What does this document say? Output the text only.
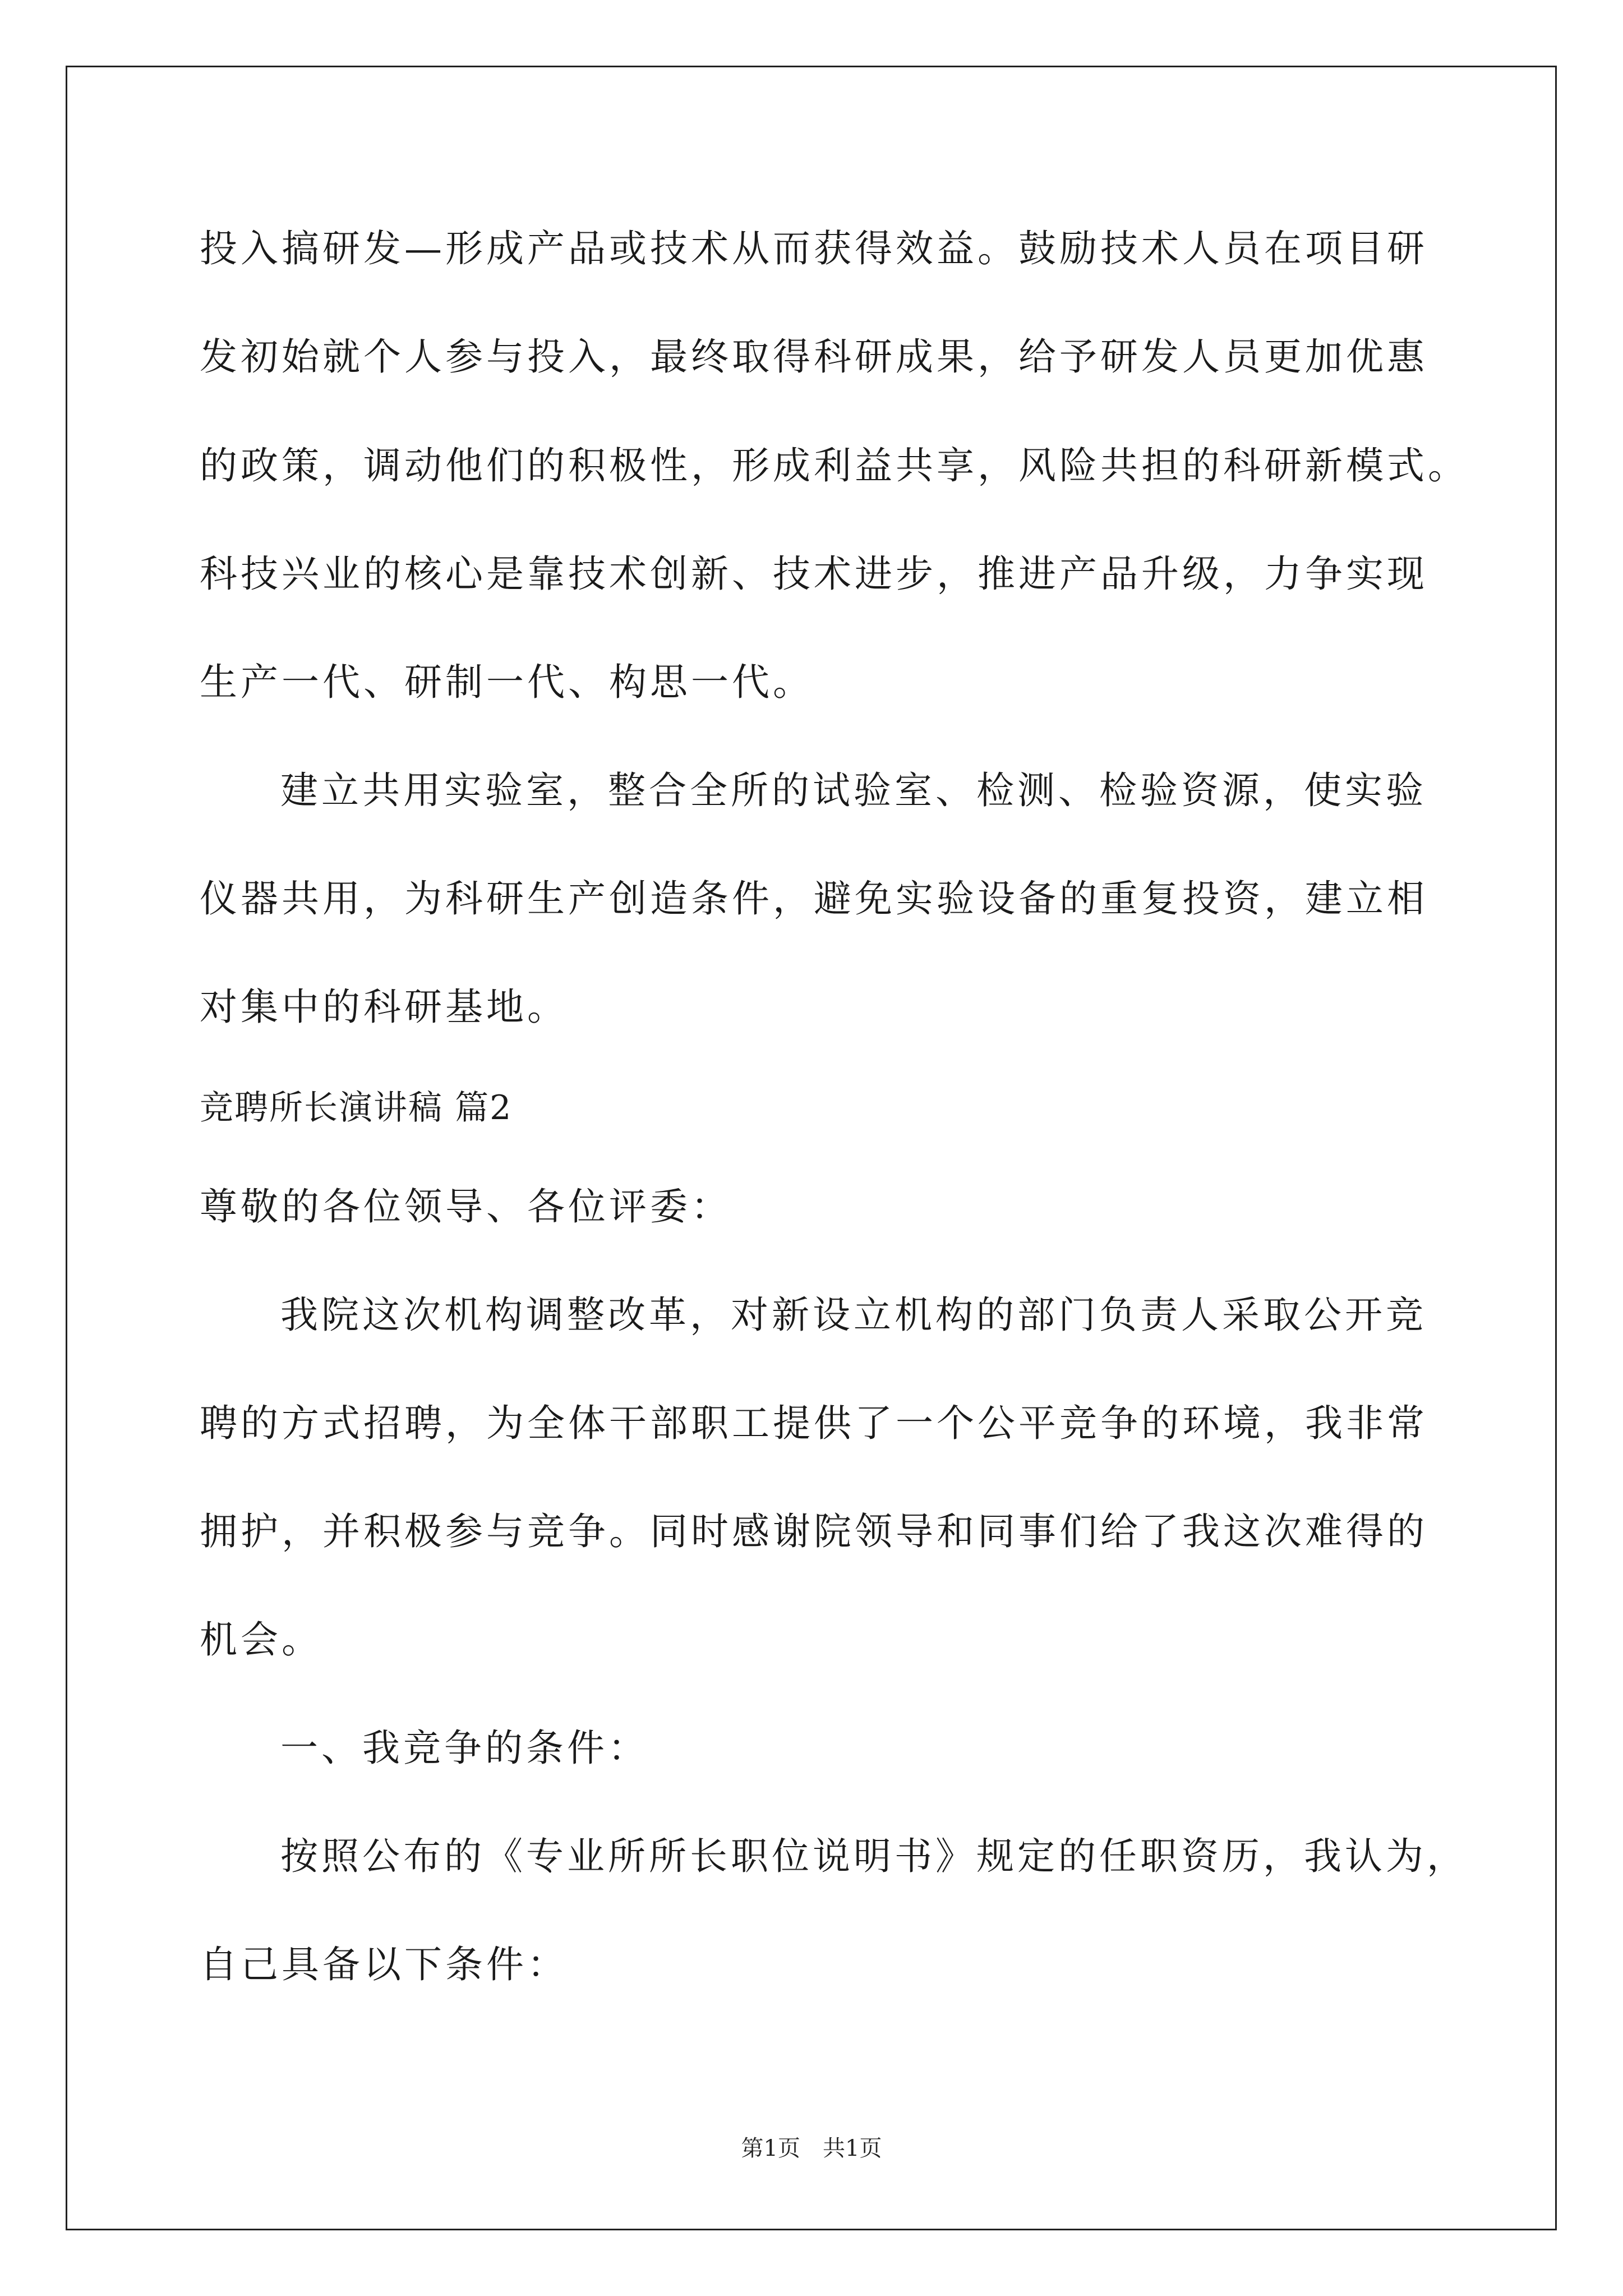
投入搞研发—形成产品或技术从而获得效益。鼓励技术人员在项目研
发初始就个人参与投入，最终取得科研成果，给予研发人员更加优惠
的政策，调动他们的积极性，形成利益共享，风险共担的科研新模式。
科技兴业的核心是靠技术创新、技术进步，推进产品升级，力争实现
生产一代、研制一代、构思一代。
建立共用实验室，整合全所的试验室、检测、检验资源，使实验
仪器共用，为科研生产创造条件，避免实验设备的重复投资，建立相
对集中的科研基地。
竞聘所长演讲稿 篇2
尊敬的各位领导、各位评委：
我院这次机构调整改革，对新设立机构的部门负责人采取公开竞
聘的方式招聘，为全体干部职工提供了一个公平竞争的环境，我非常
拥护，并积极参与竞争。同时感谢院领导和同事们给了我这次难得的
机会。
一、我竞争的条件：
按照公布的《专业所所长职位说明书》规定的任职资历，我认为，
自己具备以下条件：
第1页　共1页
